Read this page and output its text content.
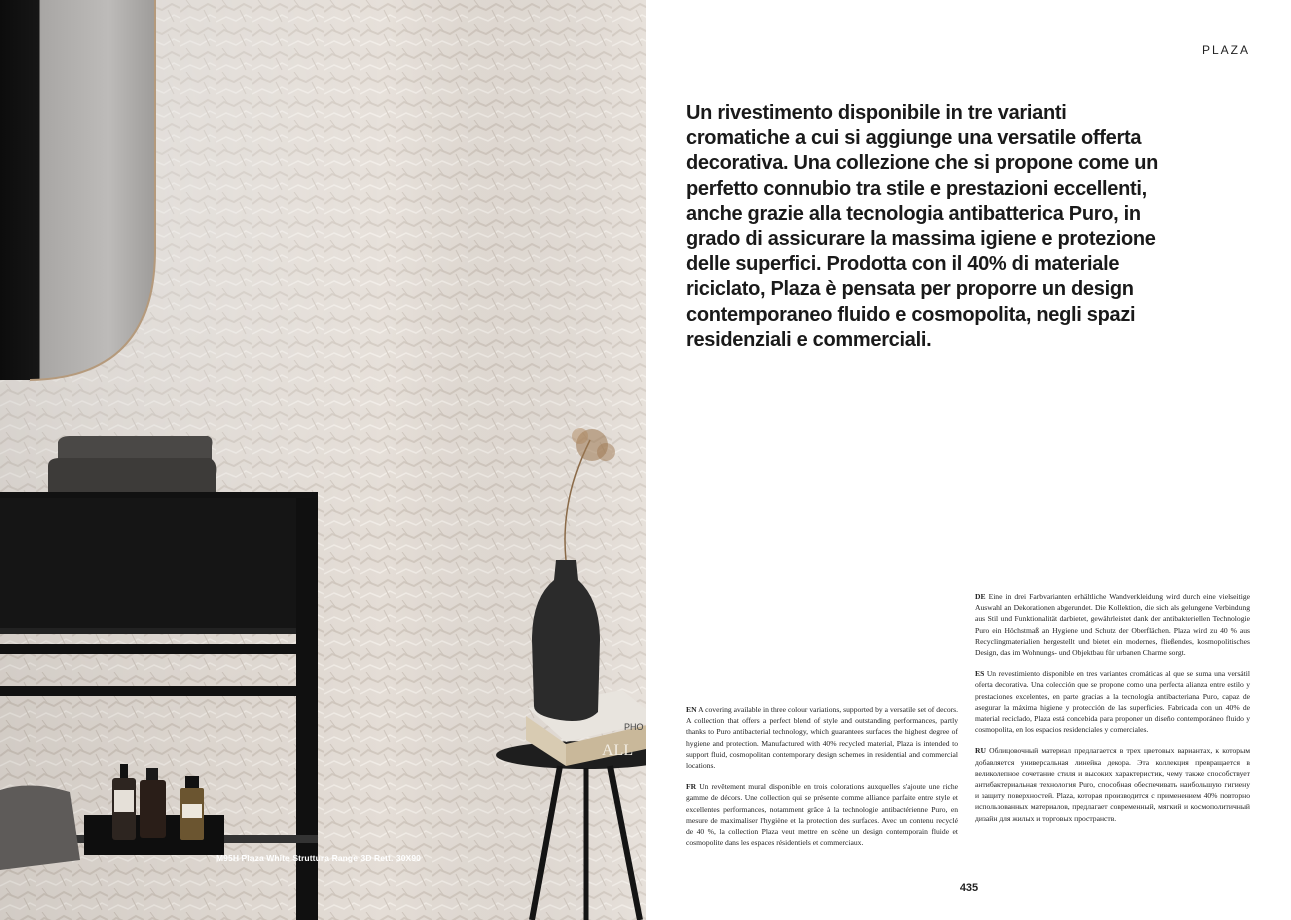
PHO
ALL
M95H Plaza White Struttura Range 3D Rett. 30X90
PLAZA
Un rivestimento disponibile in tre varianti cromatiche a cui si aggiunge una versatile offerta decorativa. Una collezione che si propone come un perfetto connubio tra stile e prestazioni eccellenti, anche grazie alla tecnologia antibatterica Puro, in grado di assicurare la massima igiene e protezione delle superfici. Prodotta con il 40% di materiale riciclato, Plaza è pensata per proporre un design contemporaneo fluido e cosmopolita, negli spazi residenziali e commerciali.

EN A covering available in three colour variations, supported by a versatile set of decors. A collection that offers a perfect blend of style and outstanding performances, partly thanks to Puro antibacterial technology, which guarantees surfaces the highest degree of hygiene and protection. Manufactured with 40% recycled material, Plaza is intended to support fluid, cosmopolitan contemporary design schemes in residential and commercial locations.

FR Un revêtement mural disponible en trois colorations auxquelles s'ajoute une riche gamme de décors. Une collection qui se présente comme alliance parfaite entre style et excellentes performances, notamment grâce à la technologie antibactérienne Puro, en mesure de maximaliser l'hygiène et la protection des surfaces. Avec un contenu recyclé de 40 %, la collection Plaza veut mettre en scène un design contemporain fluide et cosmopolite dans les espaces résidentiels et commerciaux.

DE Eine in drei Farbvarianten erhältliche Wandverkleidung wird durch eine vielseitige Auswahl an Dekorationen abgerundet. Die Kollektion, die sich als gelungene Verbindung aus Stil und Funktionalität darbietet, gewährleistet dank der antibakteriellen Technologie Puro ein Höchstmaß an Hygiene und Schutz der Oberflächen. Plaza wird zu 40 % aus Recyclingmaterialien hergestellt und bietet ein modernes, fließendes, kosmopolitisches Design, das im Wohnungs- und Objektbau für urbanen Charme sorgt.

ES Un revestimiento disponible en tres variantes cromáticas al que se suma una versátil oferta decorativa. Una colección que se propone como una perfecta alianza entre estilo y prestaciones excelentes, en parte gracias a la tecnología antibacteriana Puro, capaz de asegurar la máxima higiene y protección de las superficies. Fabricada con un 40% de material reciclado, Plaza está concebida para proponer un diseño contemporáneo fluido y cosmopolita, en los espacios residenciales y comerciales.

RU Облицовочный материал предлагается в трех цветовых вариантах, к которым добавляется универсальная линейка декора. Эта коллекция превращается в великолепное сочетание стиля и высоких характеристик, чему также способствует антибактериальная технология Puro, способная обеспечивать наибольшую гигиену и защиту поверхностей. Plaza, которая производится с применением 40% повторно использованных материалов, предлагает современный, мягкий и космополитичный дизайн для жилых и торговых пространств.

435
